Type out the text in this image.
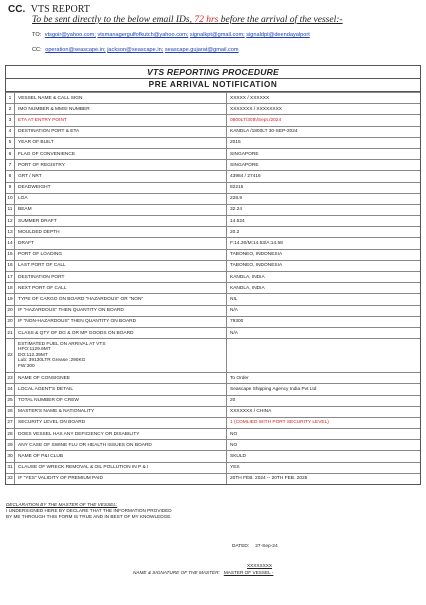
CC. VTS REPORT
To be sent directly to the below email IDs, 72 hrs before the arrival of the vessel:-
TO: vtsgoir@yahoo.com; vtsmanagergulfofkutch@yahoo.com; signalkpt@gmail.com; signaldpt@deendayalport
CC: operation@seascape.in; jackson@seascape.in; seascape.gujarat@gmail.com
VTS REPORTING PROCEDURE
PRE ARRIVAL NOTIFICATION
1	VESSEL NAME & CALL SIGN	XXXXX / XXXXXX
2	IMO NUMBER & MMSI NUMBER	XXXXXXX / XXXXXXXX
3	ETA AT ENTRY POINT	0800LT/30th/Sept./2024
4	DESTINATION PORT & ETA	KANDLA /1800LT 30-SEP-2024
5	YEAR OF BUILT	2015
6	FLAG OF CONVENIENCE	SINGAPORE
7	PORT OF REGISTRY	SINGAPORE
8	GRT / NRT	43984 / 27416
9	DEADWEIGHT	82215
10	LOA	228.9
11	BEAM	32.24
12	SUMMER DRAFT	14.524
13	MOULDED DEPTH	20.2
14	DRAFT	F:14.30/M:14.53/A:14.58
15	PORT OF LOADING	TABONEO, INDONESIA
16	LAST PORT OF CALL	TABONEO, INDONESIA
17	DESTINATION PORT	KANDLA, INDIA
18	NEXT PORT OF CALL	KANDLA, INDIA
19	TYPE OF CARGO ON BOARD "HAZARDOUS" OR "NON"	NIL
20	IF "HAZARDOUS" THEN QUANTITY ON BOARD	N/A
20	IF "NON-HAZARDOUS" THEN QUANTITY ON BOARD	79300
21	CLASS & QTY OF DG & OR MP GOODS ON BOARD	N/A
22	ESTIMATED FUEL ON ARRIVAL AT VTS
HFO:1129.6MT
DO:112.39MT
Lub: 39130LTR Grease :290KG
FW:300	

23	NAME OF CONSIGNEE	To Order
24	LOCAL AGENT'S DETAIL	Seascape Shipping Agency India Pvt Ltd
25	TOTAL NUMBER OF CREW	20
26	MASTER'S NAME & NATIONALITY	XXXXXXX / CHINA
27	SECURITY LEVEL ON BOARD	1 (COMLIED WITH PORT SECURITY LEVEL)
28	DOES VESSEL HAS ANY DEFICIENCY OR DISABILITY	NO
29	ANY CASE OF SWINE FLU OR HEALTH ISSUES ON BOARD	NO
30	NAME OF P&I CLUB	SKULD
31	CLAUSE OF WRECK REMOVAL & OIL POLLUTION IN P & I	YES
33	IF "YES" VALIDITY OF PREMIUM PAID	20TH FEB. 2024 -- 20TH FEB. 2025
DECLARATION BY THE MASTER OF THE VESSEL:
I UNDERSIGNED HERE BY DECLARE THAT THE INFORMATION PROVIDED
BY ME THROUGH THIS FORM IS TRUE AND IN BEST OF MY KNOWLEDGE.
DATED: 27-Sep-24
XXXXXXXX
NAME & SIGNATURE OF THE MASTER: MASTER OF VESSEL -
